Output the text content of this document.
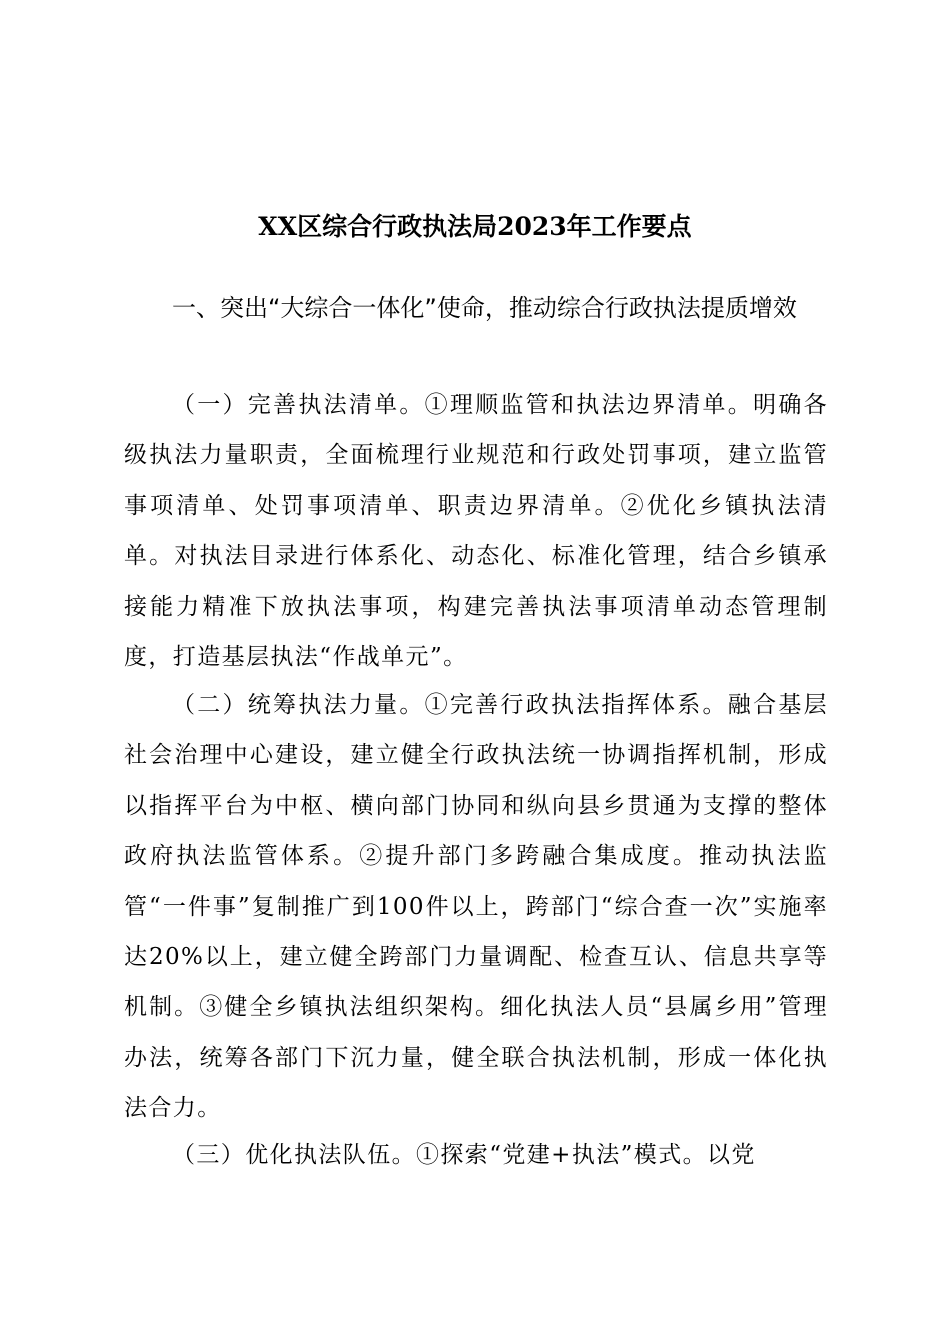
XX区综合行政执法局2023年工作要点
一、突出“大综合一体化”使命，推动综合行政执法提质增效
（一）完善执法清单。①理顺监管和执法边界清单。明确各级执法力量职责，全面梳理行业规范和行政处罚事项，建立监管事项清单、处罚事项清单、职责边界清单。②优化乡镇执法清单。对执法目录进行体系化、动态化、标准化管理，结合乡镇承接能力精准下放执法事项，构建完善执法事项清单动态管理制度，打造基层执法“作战单元”。
（二）统筹执法力量。①完善行政执法指挥体系。融合基层社会治理中心建设，建立健全行政执法统一协调指挥机制，形成以指挥平台为中枢、横向部门协同和纵向县乡贯通为支撑的整体政府执法监管体系。②提升部门多跨融合集成度。推动执法监管“一件事”复制推广到100件以上，跨部门“综合查一次”实施率达20%以上，建立健全跨部门力量调配、检查互认、信息共享等机制。③健全乡镇执法组织架构。细化执法人员“县属乡用”管理办法，统筹各部门下沉力量，健全联合执法机制，形成一体化执法合力。
（三）优化执法队伍。①探索“党建+执法”模式。以党
